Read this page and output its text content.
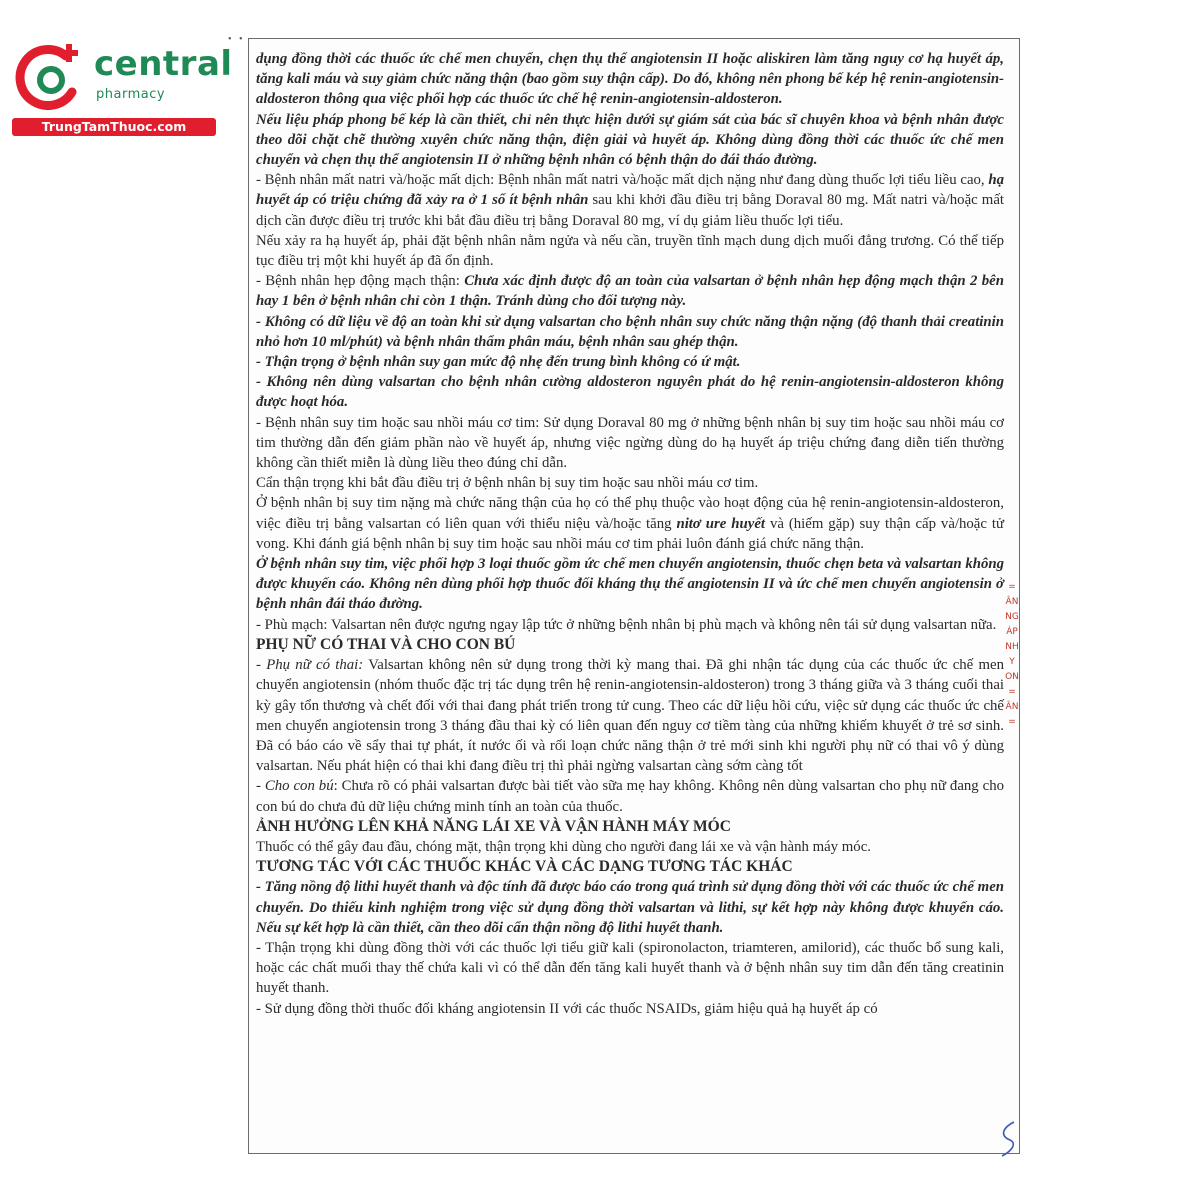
central
pharmacy
TrungTamThuoc.com
•   •

dụng đồng thời các thuốc ức chế men chuyển, chẹn thụ thể angiotensin II hoặc aliskiren làm tăng nguy cơ hạ huyết áp, tăng kali máu và suy giảm chức năng thận (bao gồm suy thận cấp). Do đó, không nên phong bế kép hệ renin-angiotensin-aldosteron thông qua việc phối hợp các thuốc ức chế hệ renin-angiotensin-aldosteron.

Nếu liệu pháp phong bế kép là cần thiết, chỉ nên thực hiện dưới sự giám sát của bác sĩ chuyên khoa và bệnh nhân được theo dõi chặt chẽ thường xuyên chức năng thận, điện giải và huyết áp. Không dùng đồng thời các thuốc ức chế men chuyển và chẹn thụ thể angiotensin II ở những bệnh nhân có bệnh thận do đái tháo đường.

- Bệnh nhân mất natri và/hoặc mất dịch: Bệnh nhân mất natri và/hoặc mất dịch nặng như đang dùng thuốc lợi tiểu liều cao, hạ huyết áp có triệu chứng đã xảy ra ở 1 số ít bệnh nhân sau khi khởi đầu điều trị bằng Doraval 80 mg. Mất natri và/hoặc mất dịch cần được điều trị trước khi bắt đầu điều trị bằng Doraval 80 mg, ví dụ giảm liều thuốc lợi tiểu.

Nếu xảy ra hạ huyết áp, phải đặt bệnh nhân nằm ngửa và nếu cần, truyền tĩnh mạch dung dịch muối đẳng trương. Có thể tiếp tục điều trị một khi huyết áp đã ổn định.

- Bệnh nhân hẹp động mạch thận: Chưa xác định được độ an toàn của valsartan ở bệnh nhân hẹp động mạch thận 2 bên hay 1 bên ở bệnh nhân chỉ còn 1 thận. Tránh dùng cho đối tượng này.

- Không có dữ liệu về độ an toàn khi sử dụng valsartan cho bệnh nhân suy chức năng thận nặng (độ thanh thải creatinin nhỏ hơn 10 ml/phút) và bệnh nhân thẩm phân máu, bệnh nhân sau ghép thận.

- Thận trọng ở bệnh nhân suy gan mức độ nhẹ đến trung bình không có ứ mật.

- Không nên dùng valsartan cho bệnh nhân cường aldosteron nguyên phát do hệ renin-angiotensin-aldosteron không được hoạt hóa.

- Bệnh nhân suy tim hoặc sau nhồi máu cơ tim: Sử dụng Doraval 80 mg ở những bệnh nhân bị suy tim hoặc sau nhồi máu cơ tim thường dẫn đến giảm phần nào về huyết áp, nhưng việc ngừng dùng do hạ huyết áp triệu chứng đang diễn tiến thường không cần thiết miễn là dùng liều theo đúng chỉ dẫn.

Cẩn thận trọng khi bắt đầu điều trị ở bệnh nhân bị suy tim hoặc sau nhồi máu cơ tim.

Ở bệnh nhân bị suy tim nặng mà chức năng thận của họ có thể phụ thuộc vào hoạt động của hệ renin-angiotensin-aldosteron, việc điều trị bằng valsartan có liên quan với thiểu niệu và/hoặc tăng nitơ ure huyết và (hiếm gặp) suy thận cấp và/hoặc tử vong. Khi đánh giá bệnh nhân bị suy tim hoặc sau nhồi máu cơ tim phải luôn đánh giá chức năng thận.

Ở bệnh nhân suy tim, việc phối hợp 3 loại thuốc gồm ức chế men chuyển angiotensin, thuốc chẹn beta và valsartan không được khuyến cáo. Không nên dùng phối hợp thuốc đối kháng thụ thể angiotensin II và ức chế men chuyển angiotensin ở bệnh nhân đái tháo đường.

- Phù mạch: Valsartan nên được ngưng ngay lập tức ở những bệnh nhân bị phù mạch và không nên tái sử dụng valsartan nữa.

PHỤ NỮ CÓ THAI VÀ CHO CON BÚ

- Phụ nữ có thai: Valsartan không nên sử dụng trong thời kỳ mang thai. Đã ghi nhận tác dụng của các thuốc ức chế men chuyển angiotensin (nhóm thuốc đặc trị tác dụng trên hệ renin-angiotensin-aldosteron) trong 3 tháng giữa và 3 tháng cuối thai kỳ gây tổn thương và chết đối với thai đang phát triển trong tử cung. Theo các dữ liệu hồi cứu, việc sử dụng các thuốc ức chế men chuyển angiotensin trong 3 tháng đầu thai kỳ có liên quan đến nguy cơ tiềm tàng của những khiếm khuyết ở trẻ sơ sinh. Đã có báo cáo về sẩy thai tự phát, ít nước ối và rối loạn chức năng thận ở trẻ mới sinh khi người phụ nữ có thai vô ý dùng valsartan. Nếu phát hiện có thai khi đang điều trị thì phải ngừng valsartan càng sớm càng tốt

- Cho con bú: Chưa rõ có phải valsartan được bài tiết vào sữa mẹ hay không. Không nên dùng valsartan cho phụ nữ đang cho con bú do chưa đủ dữ liệu chứng minh tính an toàn của thuốc.

ẢNH HƯỞNG LÊN KHẢ NĂNG LÁI XE VÀ VẬN HÀNH MÁY MÓC

Thuốc có thể gây đau đầu, chóng mặt, thận trọng khi dùng cho người đang lái xe và vận hành máy móc.

TƯƠNG TÁC VỚI CÁC THUỐC KHÁC VÀ CÁC DẠNG TƯƠNG TÁC KHÁC

- Tăng nồng độ lithi huyết thanh và độc tính đã được báo cáo trong quá trình sử dụng đồng thời với các thuốc ức chế men chuyển. Do thiếu kinh nghiệm trong việc sử dụng đồng thời valsartan và lithi, sự kết hợp này không được khuyến cáo. Nếu sự kết hợp là cần thiết, cần theo dõi cẩn thận nồng độ lithi huyết thanh.

- Thận trọng khi dùng đồng thời với các thuốc lợi tiểu giữ kali (spironolacton, triamteren, amilorid), các thuốc bổ sung kali, hoặc các chất muối thay thế chứa kali vì có thể dẫn đến tăng kali huyết thanh và ở bệnh nhân suy tim dẫn đến tăng creatinin huyết thanh.

- Sử dụng đồng thời thuốc đối kháng angiotensin II với các thuốc NSAIDs, giảm hiệu quả hạ huyết áp có

=
ÂN
NG
ÁP
NH
Y
ON
=
ÂN
=
